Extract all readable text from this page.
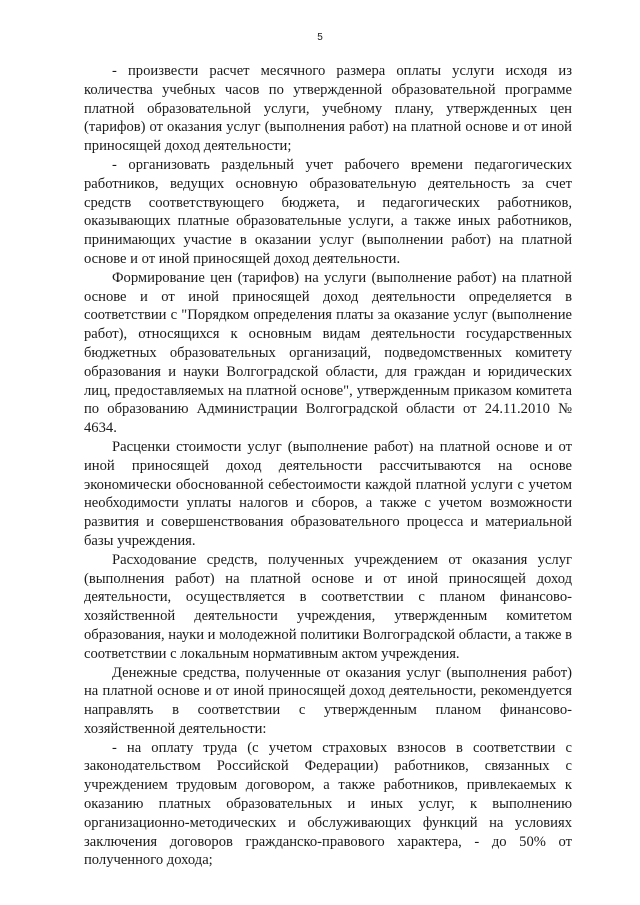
5

- произвести расчет месячного размера оплаты услуги исходя из количества учебных часов по утвержденной образовательной программе платной образовательной услуги, учебному плану, утвержденных цен (тарифов) от оказания услуг (выполнения работ) на платной основе и от иной приносящей доход деятельности;

- организовать раздельный учет рабочего времени педагогических работников, ведущих основную образовательную деятельность за счет средств соответствующего бюджета, и педагогических работников, оказывающих платные образовательные услуги, а также иных работников, принимающих участие в оказании услуг (выполнении работ) на платной основе и от иной приносящей доход деятельности.

Формирование цен (тарифов) на услуги (выполнение работ) на платной основе и от иной приносящей доход деятельности определяется в соответствии с "Порядком определения платы за оказание услуг (выполнение работ), относящихся к основным видам деятельности государственных бюджетных образовательных организаций, подведомственных комитету образования и науки Волгоградской области, для граждан и юридических лиц, предоставляемых на платной основе", утвержденным приказом комитета по образованию Администрации Волгоградской области от 24.11.2010 № 4634.

Расценки стоимости услуг (выполнение работ) на платной основе и от иной приносящей доход деятельности рассчитываются на основе экономически обоснованной себестоимости каждой платной услуги с учетом необходимости уплаты налогов и сборов, а также с учетом возможности развития и совершенствования образовательного процесса и материальной базы учреждения.

Расходование средств, полученных учреждением от оказания услуг (выполнения работ) на платной основе и от иной приносящей доход деятельности, осуществляется в соответствии с планом финансово-хозяйственной деятельности учреждения, утвержденным комитетом образования, науки и молодежной политики Волгоградской области, а также в соответствии с локальным нормативным актом учреждения.

Денежные средства, полученные от оказания услуг (выполнения работ) на платной основе и от иной приносящей доход деятельности, рекомендуется направлять в соответствии с утвержденным планом финансово-хозяйственной деятельности:

- на оплату труда (с учетом страховых взносов в соответствии с законодательством Российской Федерации) работников, связанных с учреждением трудовым договором, а также работников, привлекаемых к оказанию платных образовательных и иных услуг, к выполнению организационно-методических и обслуживающих функций на условиях заключения договоров гражданско-правового характера, - до 50% от полученного дохода;
